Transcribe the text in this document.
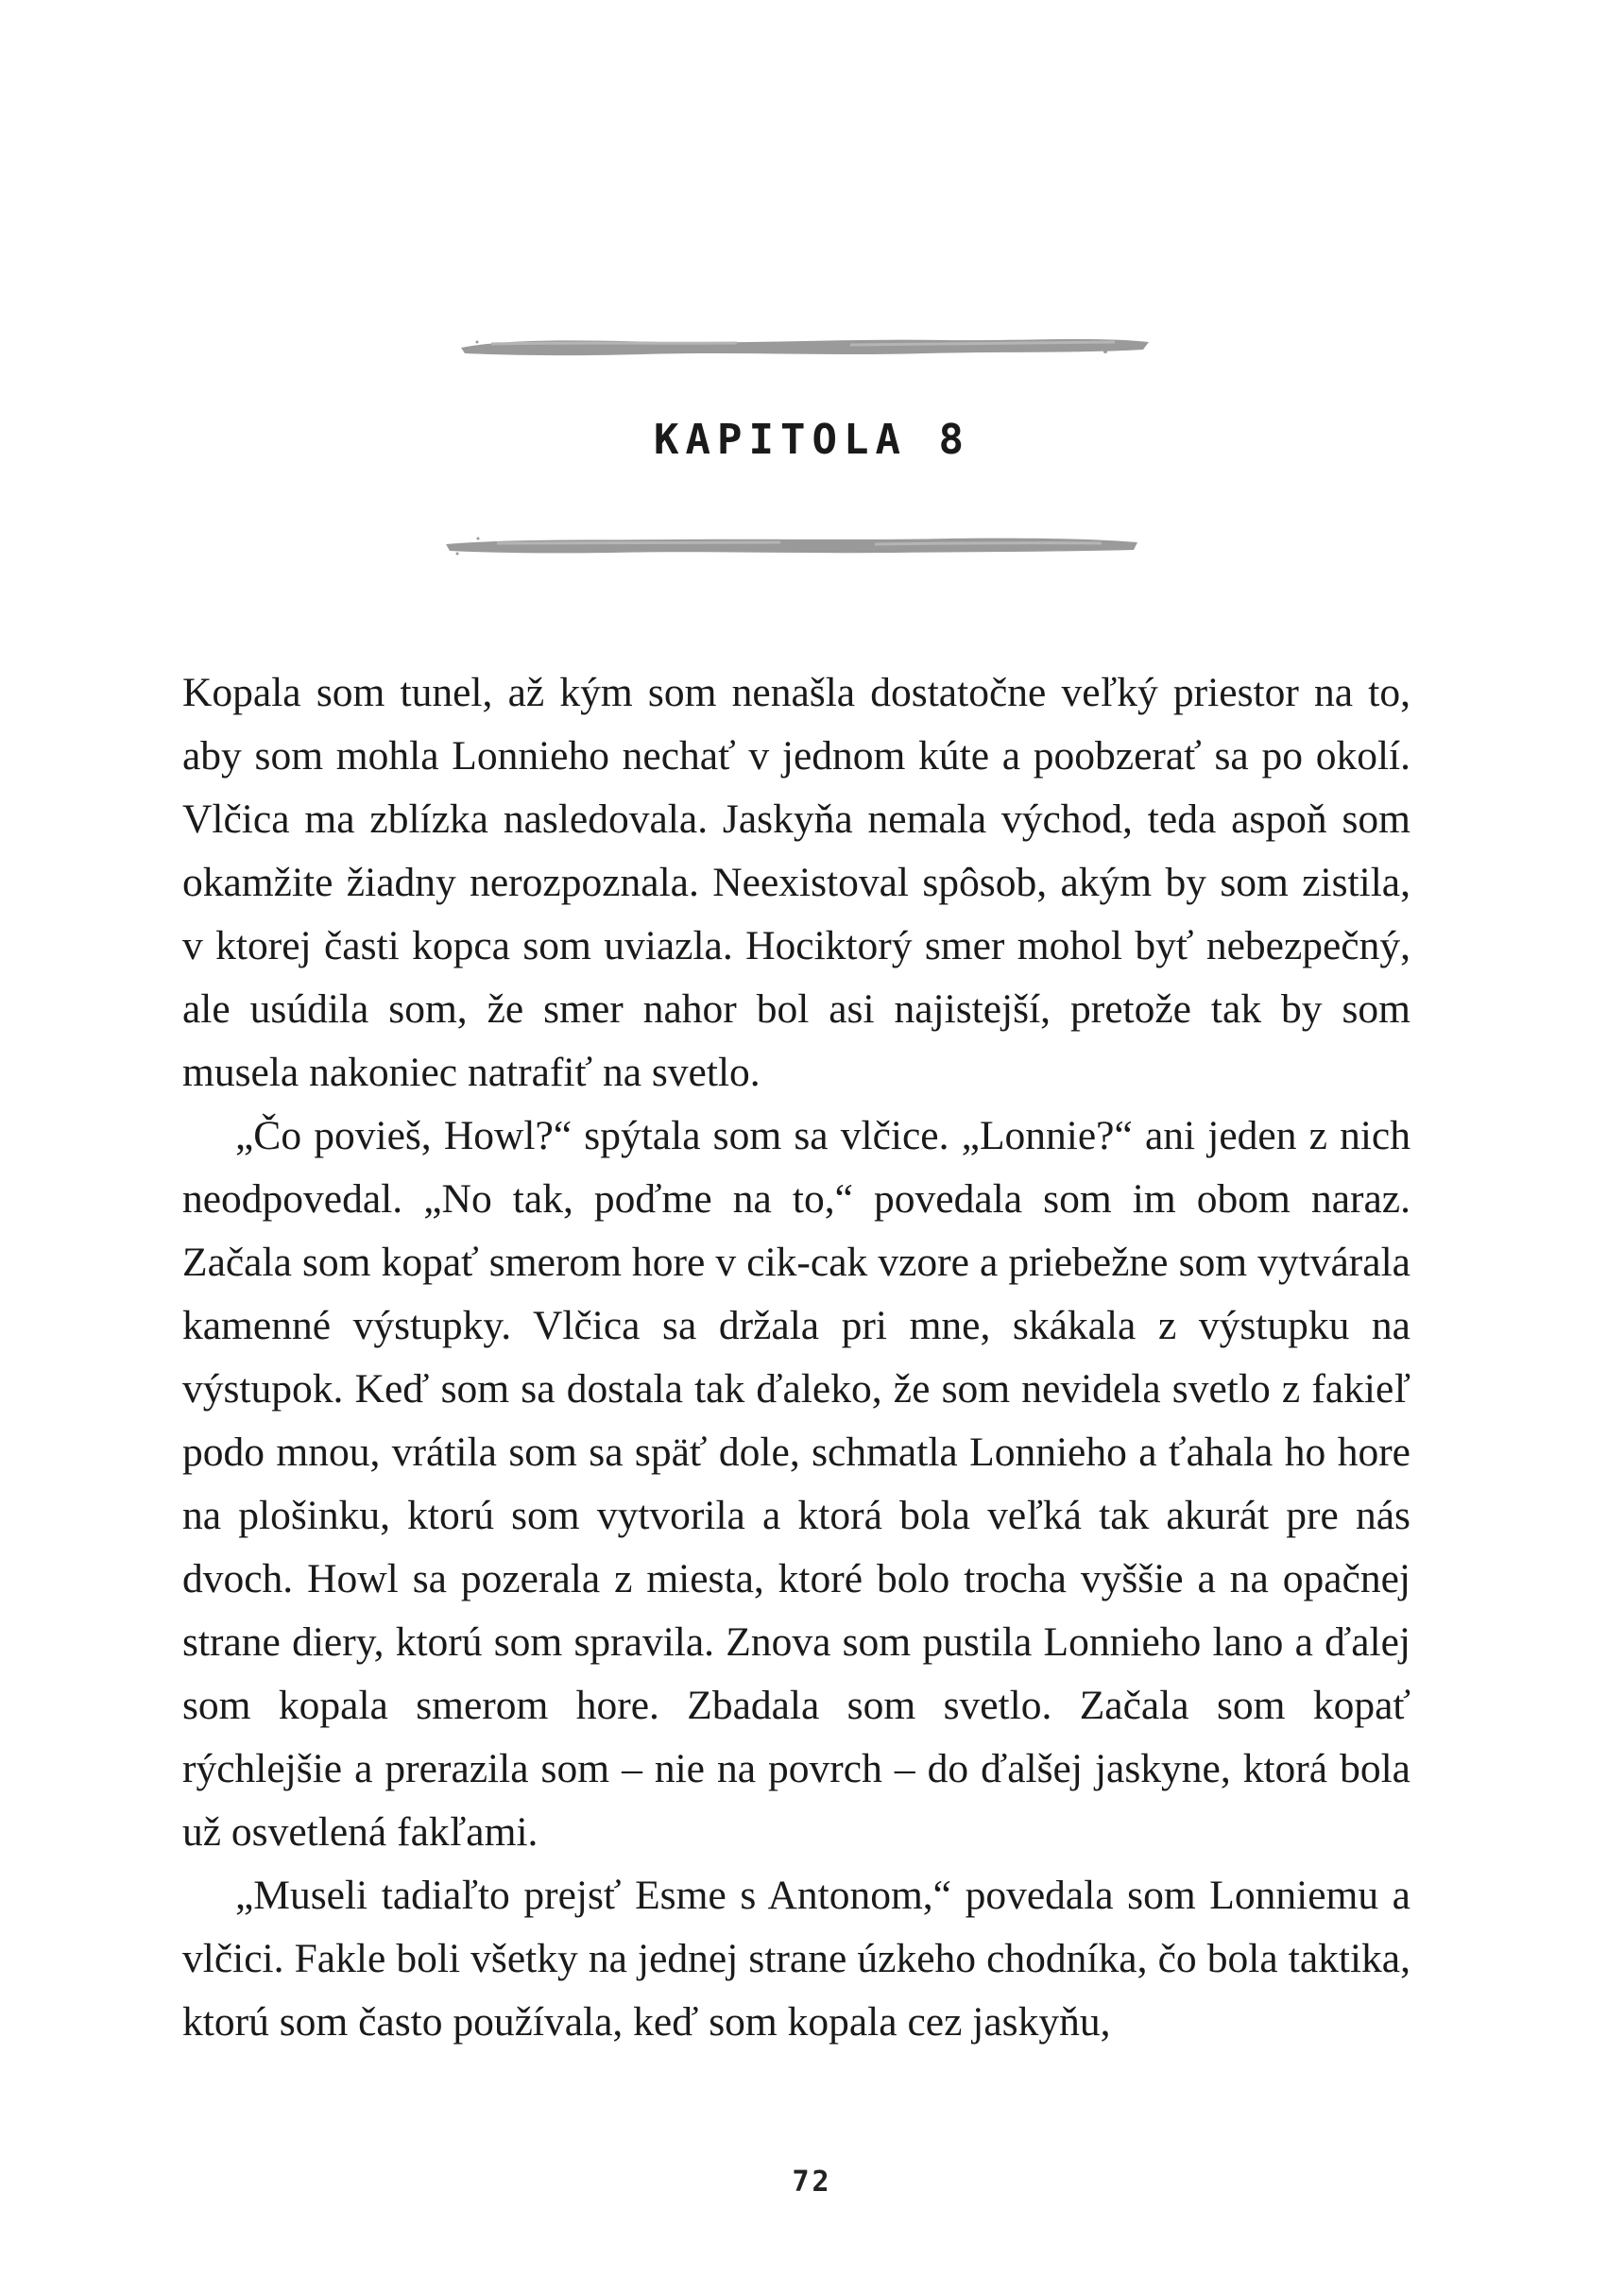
KAPITOLA 8

Kopala som tunel, až kým som nenašla dostatočne veľký priestor na to, aby som mohla Lonnieho nechať v jednom kúte a poobzerať sa po okolí. Vlčica ma zblízka nasledovala. Jaskyňa nemala východ, teda aspoň som okamžite žiadny nerozpoznala. Neexistoval spôsob, akým by som zistila, v ktorej časti kopca som uviazla. Hociktorý smer mohol byť nebezpečný, ale usúdila som, že smer nahor bol asi najistejší, pretože tak by som musela nakoniec natrafiť na svetlo.

„Čo povieš, Howl?“ spýtala som sa vlčice. „Lonnie?“ ani jeden z nich neodpovedal. „No tak, poďme na to,“ povedala som im obom naraz. Začala som kopať smerom hore v cik-cak vzore a priebežne som vytvárala kamenné výstupky. Vlčica sa držala pri mne, skákala z výstupku na výstupok. Keď som sa dostala tak ďaleko, že som nevidela svetlo z fakieľ podo mnou, vrátila som sa späť dole, schmatla Lonnieho a ťahala ho hore na plošinku, ktorú som vytvorila a ktorá bola veľká tak akurát pre nás dvoch. Howl sa pozerala z miesta, ktoré bolo trocha vyššie a na opačnej strane diery, ktorú som spravila. Znova som pustila Lonnieho lano a ďalej som kopala smerom hore. Zbadala som svetlo. Začala som kopať rýchlejšie a prerazila som – nie na povrch – do ďalšej jaskyne, ktorá bola už osvetlená fakľami.

„Museli tadiaľto prejsť Esme s Antonom,“ povedala som Lonniemu a vlčici. Fakle boli všetky na jednej strane úzkeho chodníka, čo bola taktika, ktorú som často používala, keď som kopala cez jaskyňu,

72
